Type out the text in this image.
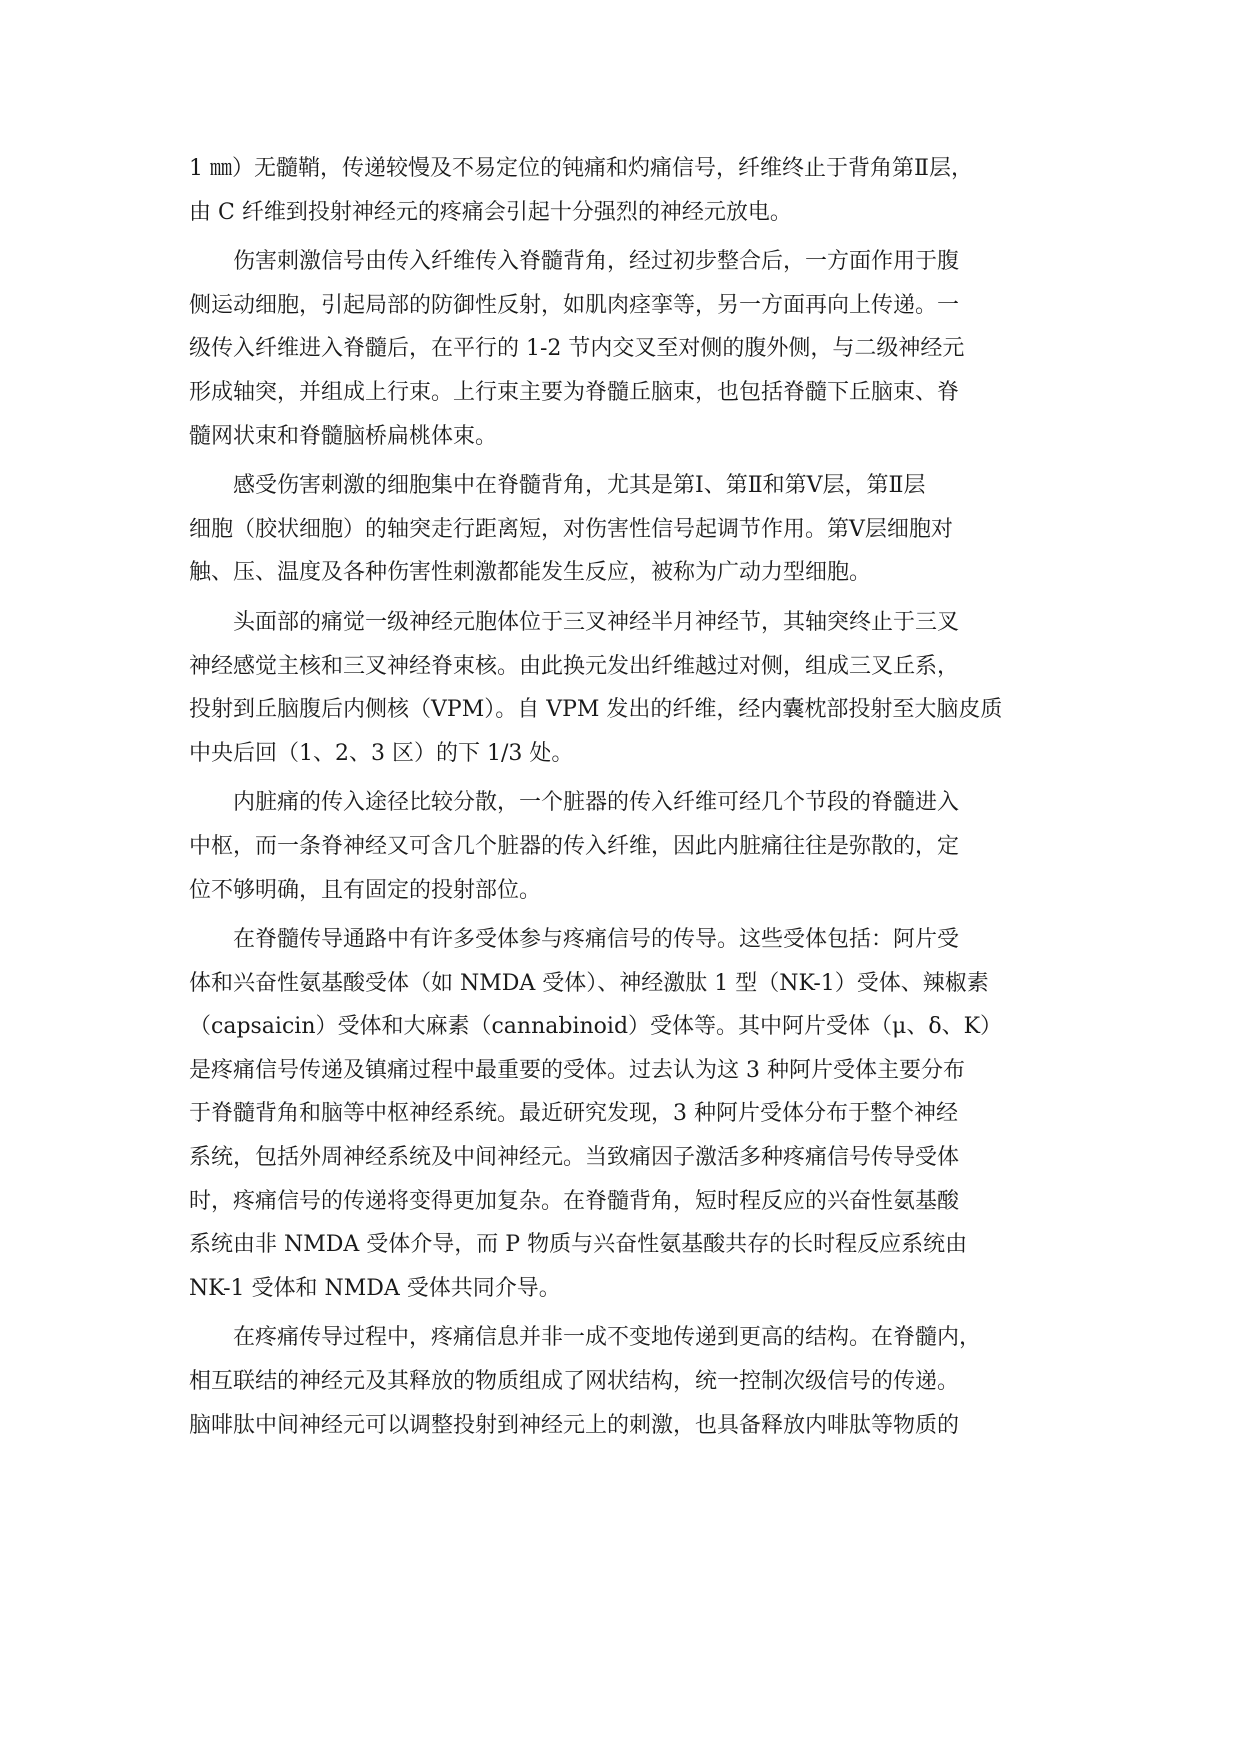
1 ㎜）无髓鞘，传递较慢及不易定位的钝痛和灼痛信号，纤维终止于背角第Ⅱ层，
由 C 纤维到投射神经元的疼痛会引起十分强烈的神经元放电。
伤害刺激信号由传入纤维传入脊髓背角，经过初步整合后，一方面作用于腹
侧运动细胞，引起局部的防御性反射，如肌肉痉挛等，另一方面再向上传递。一
级传入纤维进入脊髓后，在平行的 1-2 节内交叉至对侧的腹外侧，与二级神经元
形成轴突，并组成上行束。上行束主要为脊髓丘脑束，也包括脊髓下丘脑束、脊
髓网状束和脊髓脑桥扁桃体束。
感受伤害刺激的细胞集中在脊髓背角，尤其是第Ⅰ、第Ⅱ和第Ⅴ层，第Ⅱ层
细胞（胶状细胞）的轴突走行距离短，对伤害性信号起调节作用。第Ⅴ层细胞对
触、压、温度及各种伤害性刺激都能发生反应，被称为广动力型细胞。
头面部的痛觉一级神经元胞体位于三叉神经半月神经节，其轴突终止于三叉
神经感觉主核和三叉神经脊束核。由此换元发出纤维越过对侧，组成三叉丘系，
投射到丘脑腹后内侧核（VPM）。自 VPM 发出的纤维，经内囊枕部投射至大脑皮质
中央后回（1、2、3 区）的下 1/3 处。
内脏痛的传入途径比较分散，一个脏器的传入纤维可经几个节段的脊髓进入
中枢，而一条脊神经又可含几个脏器的传入纤维，因此内脏痛往往是弥散的，定
位不够明确，且有固定的投射部位。
在脊髓传导通路中有许多受体参与疼痛信号的传导。这些受体包括：阿片受
体和兴奋性氨基酸受体（如 NMDA 受体）、神经激肽 1 型（NK-1）受体、辣椒素
（capsaicin）受体和大麻素（cannabinoid）受体等。其中阿片受体（μ、δ、K）
是疼痛信号传递及镇痛过程中最重要的受体。过去认为这 3 种阿片受体主要分布
于脊髓背角和脑等中枢神经系统。最近研究发现，3 种阿片受体分布于整个神经
系统，包括外周神经系统及中间神经元。当致痛因子激活多种疼痛信号传导受体
时，疼痛信号的传递将变得更加复杂。在脊髓背角，短时程反应的兴奋性氨基酸
系统由非 NMDA 受体介导，而 P 物质与兴奋性氨基酸共存的长时程反应系统由
NK-1 受体和 NMDA 受体共同介导。
在疼痛传导过程中，疼痛信息并非一成不变地传递到更高的结构。在脊髓内，
相互联结的神经元及其释放的物质组成了网状结构，统一控制次级信号的传递。
脑啡肽中间神经元可以调整投射到神经元上的刺激，也具备释放内啡肽等物质的
